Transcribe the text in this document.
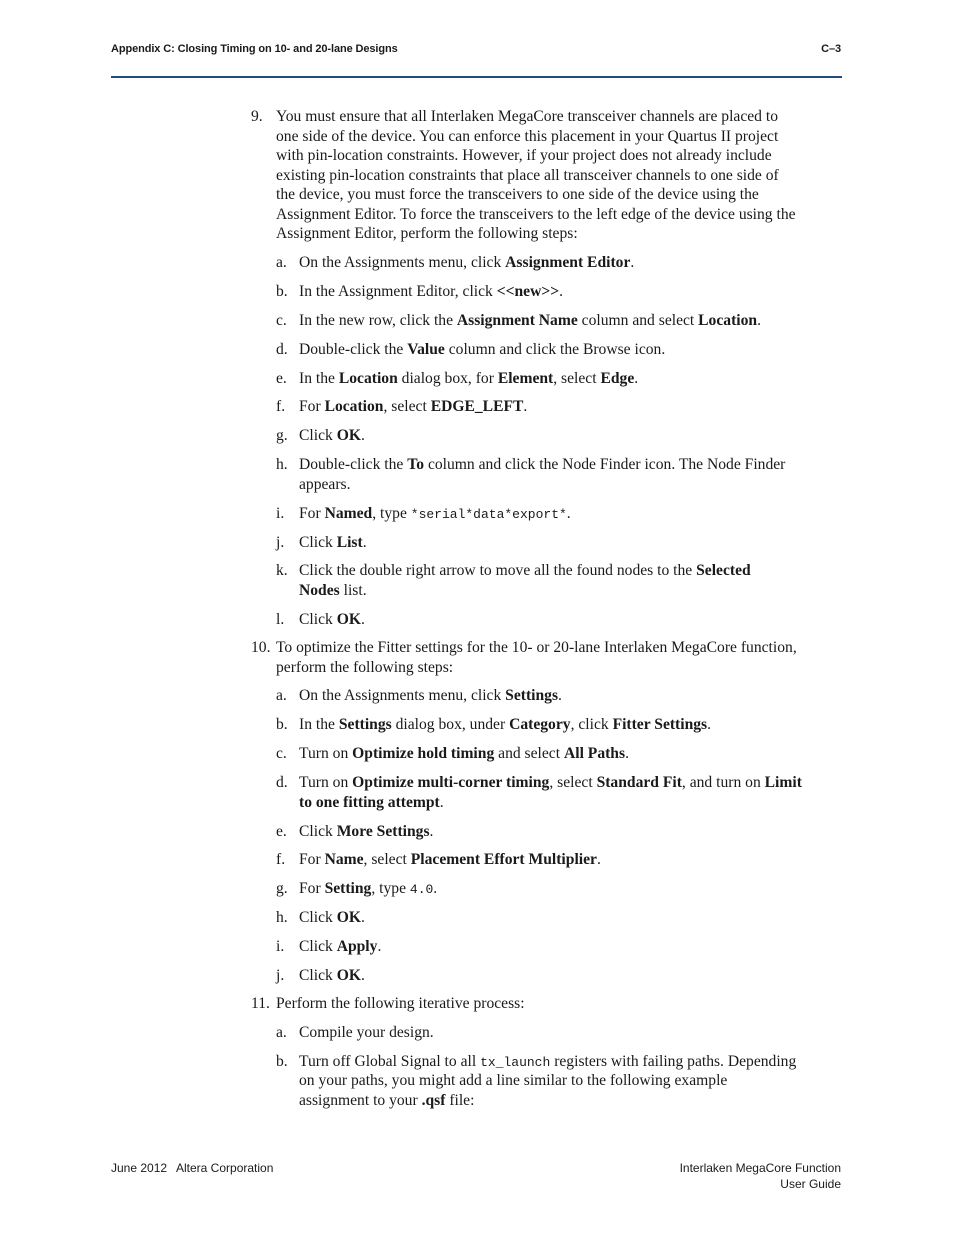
Appendix C: Closing Timing on 10- and 20-lane Designs	C–3
9. You must ensure that all Interlaken MegaCore transceiver channels are placed to
one side of the device. You can enforce this placement in your Quartus II project
with pin-location constraints. However, if your project does not already include
existing pin-location constraints that place all transceiver channels to one side of
the device, you must force the transceivers to one side of the device using the
Assignment Editor. To force the transceivers to the left edge of the device using the
Assignment Editor, perform the following steps:
a. On the Assignments menu, click Assignment Editor.
b. In the Assignment Editor, click <<new>>.
c. In the new row, click the Assignment Name column and select Location.
d. Double-click the Value column and click the Browse icon.
e. In the Location dialog box, for Element, select Edge.
f. For Location, select EDGE_LEFT.
g. Click OK.
h. Double-click the To column and click the Node Finder icon. The Node Finder
appears.
i. For Named, type *serial*data*export*.
j. Click List.
k. Click the double right arrow to move all the found nodes to the Selected
Nodes list.
l. Click OK.
10. To optimize the Fitter settings for the 10- or 20-lane Interlaken MegaCore function,
perform the following steps:
a. On the Assignments menu, click Settings.
b. In the Settings dialog box, under Category, click Fitter Settings.
c. Turn on Optimize hold timing and select All Paths.
d. Turn on Optimize multi-corner timing, select Standard Fit, and turn on Limit
to one fitting attempt.
e. Click More Settings.
f. For Name, select Placement Effort Multiplier.
g. For Setting, type 4.0.
h. Click OK.
i. Click Apply.
j. Click OK.
11. Perform the following iterative process:
a. Compile your design.
b. Turn off Global Signal to all tx_launch registers with failing paths. Depending
on your paths, you might add a line similar to the following example
assignment to your .qsf file:
June 2012 Altera Corporation	Interlaken MegaCore Function
User Guide
